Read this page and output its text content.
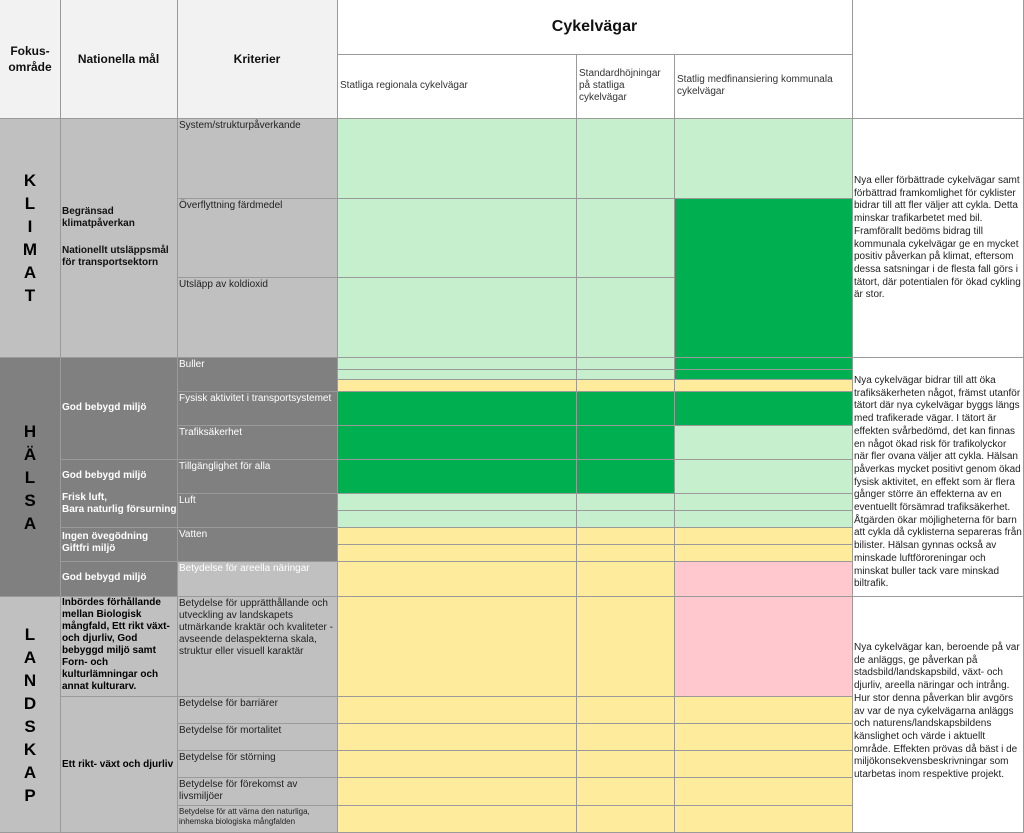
Fokus-område
Nationella mål	Kriterier
Cykelvägar
Statliga regionala cykelvägar
Standardhöjningar på statliga cykelvägar
Statlig medfinansiering kommunala cykelvägar
K
L
I
M
A
T
H
Ä
L
S
A
L
A
N
D
S
K
A
P
Begränsad klimatpåverkan
Nationellt utsläppsmål för transportsektorn
God bebygd miljö
God bebygd miljö
Frisk luft,
Bara naturlig försurning
Ingen övegödning
Giftfri miljö
God bebygd miljö
Inbördes förhållande mellan Biologisk mångfald, Ett rikt växt- och djurliv, God bebyggd miljö samt Forn- och kulturlämningar och annat kulturarv.
Ett rikt- växt och djurliv
System/strukturpåverkande
Överflyttning färdmedel
Utsläpp av koldioxid
Buller
Fysisk aktivitet i transportsystemet
Trafiksäkerhet
Tillgänglighet för alla
Luft
Vatten
Betydelse för areella näringar
Betydelse för upprätthållande och utveckling av landskapets utmärkande kraktär och kvaliteter - avseende delaspekterna skala, struktur eller visuell karaktär
Betydelse för barriärer
Betydelse för mortalitet
Betydelse för störning
Betydelse för förekomst av livsmiljöer
Betydelse för att värna den naturliga, inhemska biologiska mångfalden
Nya eller förbättrade cykelvägar samt förbättrad framkomlighet för cyklister bidrar till att fler väljer att cykla. Detta minskar trafikarbetet med bil. Framförallt bedöms bidrag till kommunala cykelvägar ge en mycket positiv påverkan på klimat, eftersom dessa satsningar i de flesta fall görs i tätort, där potentialen för ökad cykling är stor.
Nya cykelvägar bidrar till att öka trafiksäkerheten något, främst utanför tätort där nya cykelvägar byggs längs med trafikerade vägar. I tätort är effekten svårbedömd, det kan finnas en något ökad risk för trafikolyckor när fler ovana väljer att cykla. Hälsan påverkas mycket positivt genom ökad fysisk aktivitet, en effekt som är flera gånger större än effekterna av en eventuellt försämrad trafiksäkerhet. Åtgärden ökar möjligheterna för barn att cykla då cyklisterna separeras från bilister. Hälsan gynnas också av minskade luftföroreningar och minskat buller tack vare minskad biltrafik.
Nya cykelvägar kan, beroende på var de anläggs, ge påverkan på stadsbild/landskapsbild, växt- och djurliv, areella näringar och intrång. Hur stor denna påverkan blir avgörs av var de nya cykelvägarna anläggs och naturens/landskapsbildens känslighet och värde i aktuellt område. Effekten prövas då bäst i de miljökonsekvensbeskrivningar som utarbetas inom respektive projekt.
